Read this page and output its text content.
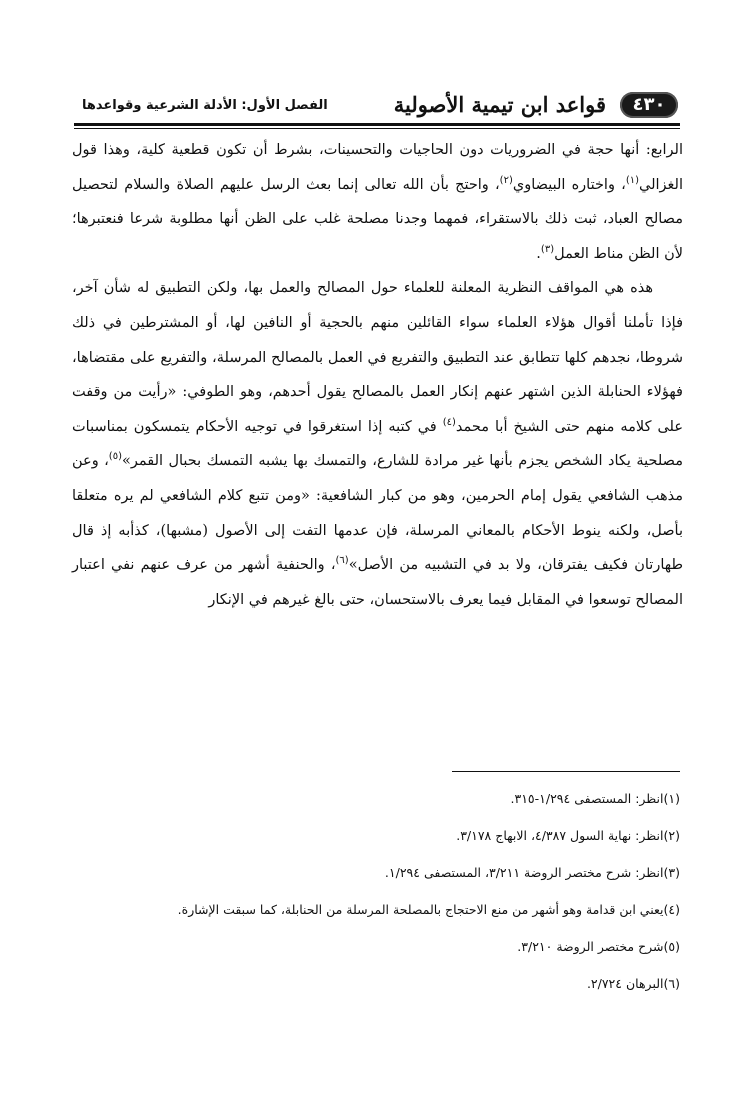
٤٣٠
قواعد ابن تيمية الأصولية
الفصل الأول: الأدلة الشرعية وقواعدها

الرابع: أنها حجة في الضروريات دون الحاجيات والتحسينات، بشرط أن تكون قطعية كلية، وهذا قول الغزالي$^{(١)}$، واختاره البيضاوي$^{(٢)}$، واحتج بأن الله تعالى إنما بعث الرسل عليهم الصلاة والسلام لتحصيل مصالح العباد، ثبت ذلك بالاستقراء، فمهما وجدنا مصلحة غلب على الظن أنها مطلوبة شرعا فنعتبرها؛ لأن الظن مناط العمل$^{(٣)}$.

هذه هي المواقف النظرية المعلنة للعلماء حول المصالح والعمل بها، ولكن التطبيق له شأن آخر، فإذا تأملنا أقوال هؤلاء العلماء سواء القائلين منهم بالحجية أو النافين لها، أو المشترطين في ذلك شروطا، نجدهم كلها تتطابق عند التطبيق والتفريع في العمل بالمصالح المرسلة، والتفريع على مقتضاها، فهؤلاء الحنابلة الذين اشتهر عنهم إنكار العمل بالمصالح يقول أحدهم، وهو الطوفي: «رأيت من وقفت على كلامه منهم حتى الشيخ أبا محمد$^{(٤)}$ في كتبه إذا استغرقوا في توجيه الأحكام يتمسكون بمناسبات مصلحية يكاد الشخص يجزم بأنها غير مرادة للشارع، والتمسك بها يشبه التمسك بحبال القمر»$^{(٥)}$، وعن مذهب الشافعي يقول إمام الحرمين، وهو من كبار الشافعية: «ومن تتبع كلام الشافعي لم يره متعلقا بأصل، ولكنه ينوط الأحكام بالمعاني المرسلة، فإن عدمها التفت إلى الأصول (مشبها)، كذأبه إذ قال طهارتان فكيف يفترقان، ولا بد في التشبيه من الأصل»$^{(٦)}$، والحنفية أشهر من عرف عنهم نفي اعتبار المصالح توسعوا في المقابل فيما يعرف بالاستحسان، حتى بالغ غيرهم في الإنكار

(١)انظر: المستصفى ١/٢٩٤-٣١٥.
(٢)انظر: نهاية السول ٤/٣٨٧، الابهاج ٣/١٧٨.
(٣)انظر: شرح مختصر الروضة ٣/٢١١، المستصفى ١/٢٩٤.
(٤)يعني ابن قدامة وهو أشهر من منع الاحتجاج بالمصلحة المرسلة من الحنابلة، كما سبقت الإشارة.
(٥)شرح مختصر الروضة ٣/٢١٠.
(٦)البرهان ٢/٧٢٤.
